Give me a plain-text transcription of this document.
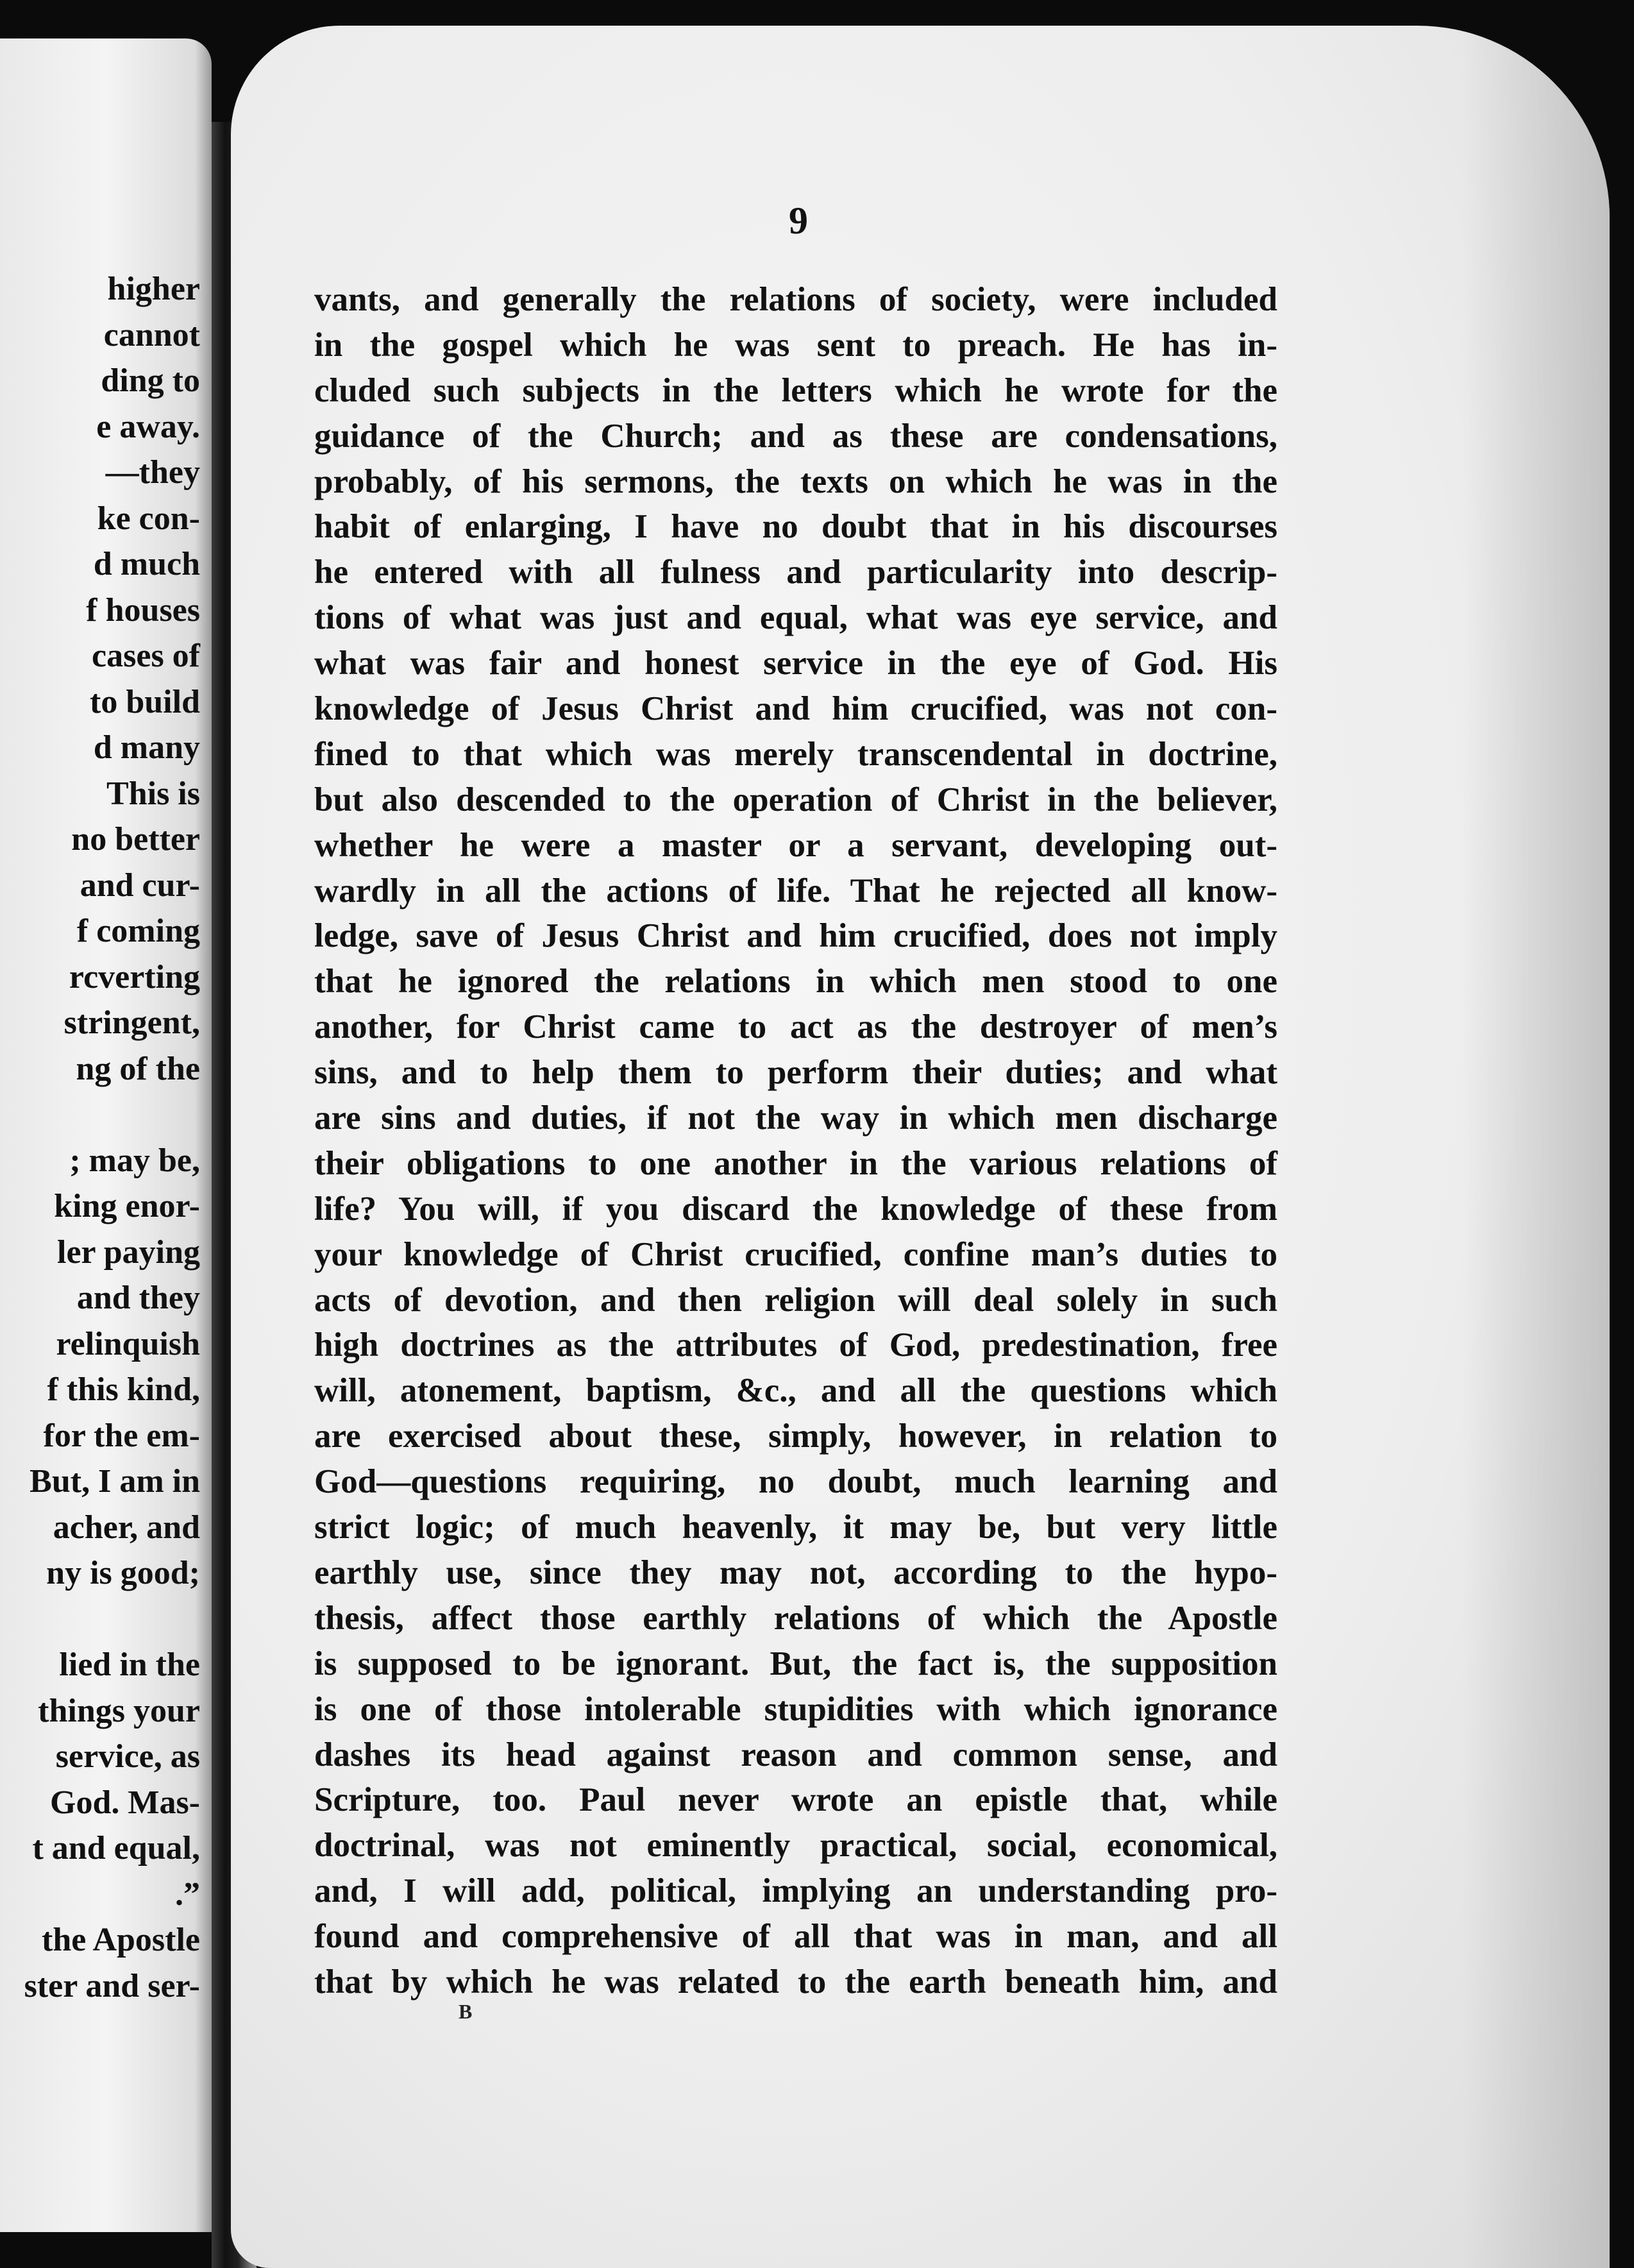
higher
cannot
ding to
e away.
—they
ke con-
d much
f houses
cases of
to build
d many
This is
no better
and cur-
f coming
rcverting
stringent,
ng of the
; may be,
king enor-
ler paying
and they
relinquish
f this kind,
for the em-
But, I am in
acher, and
ny is good;
lied in the
things your
service, as
God. Mas-
t and equal,
.”
the Apostle
ster and ser-
9
vants, and generally the relations of society, were included
in the gospel which he was sent to preach. He has in-
cluded such subjects in the letters which he wrote for the
guidance of the Church; and as these are condensations,
probably, of his sermons, the texts on which he was in the
habit of enlarging, I have no doubt that in his discourses
he entered with all fulness and particularity into descrip-
tions of what was just and equal, what was eye service, and
what was fair and honest service in the eye of God. His
knowledge of Jesus Christ and him crucified, was not con-
fined to that which was merely transcendental in doctrine,
but also descended to the operation of Christ in the believer,
whether he were a master or a servant, developing out-
wardly in all the actions of life. That he rejected all know-
ledge, save of Jesus Christ and him crucified, does not imply
that he ignored the relations in which men stood to one
another, for Christ came to act as the destroyer of men’s
sins, and to help them to perform their duties; and what
are sins and duties, if not the way in which men discharge
their obligations to one another in the various relations of
life? You will, if you discard the knowledge of these from
your knowledge of Christ crucified, confine man’s duties to
acts of devotion, and then religion will deal solely in such
high doctrines as the attributes of God, predestination, free
will, atonement, baptism, &c., and all the questions which
are exercised about these, simply, however, in relation to
God—questions requiring, no doubt, much learning and
strict logic; of much heavenly, it may be, but very little
earthly use, since they may not, according to the hypo-
thesis, affect those earthly relations of which the Apostle
is supposed to be ignorant. But, the fact is, the supposition
is one of those intolerable stupidities with which ignorance
dashes its head against reason and common sense, and
Scripture, too. Paul never wrote an epistle that, while
doctrinal, was not eminently practical, social, economical,
and, I will add, political, implying an understanding pro-
found and comprehensive of all that was in man, and all
that by which he was related to the earth beneath him, and
B
